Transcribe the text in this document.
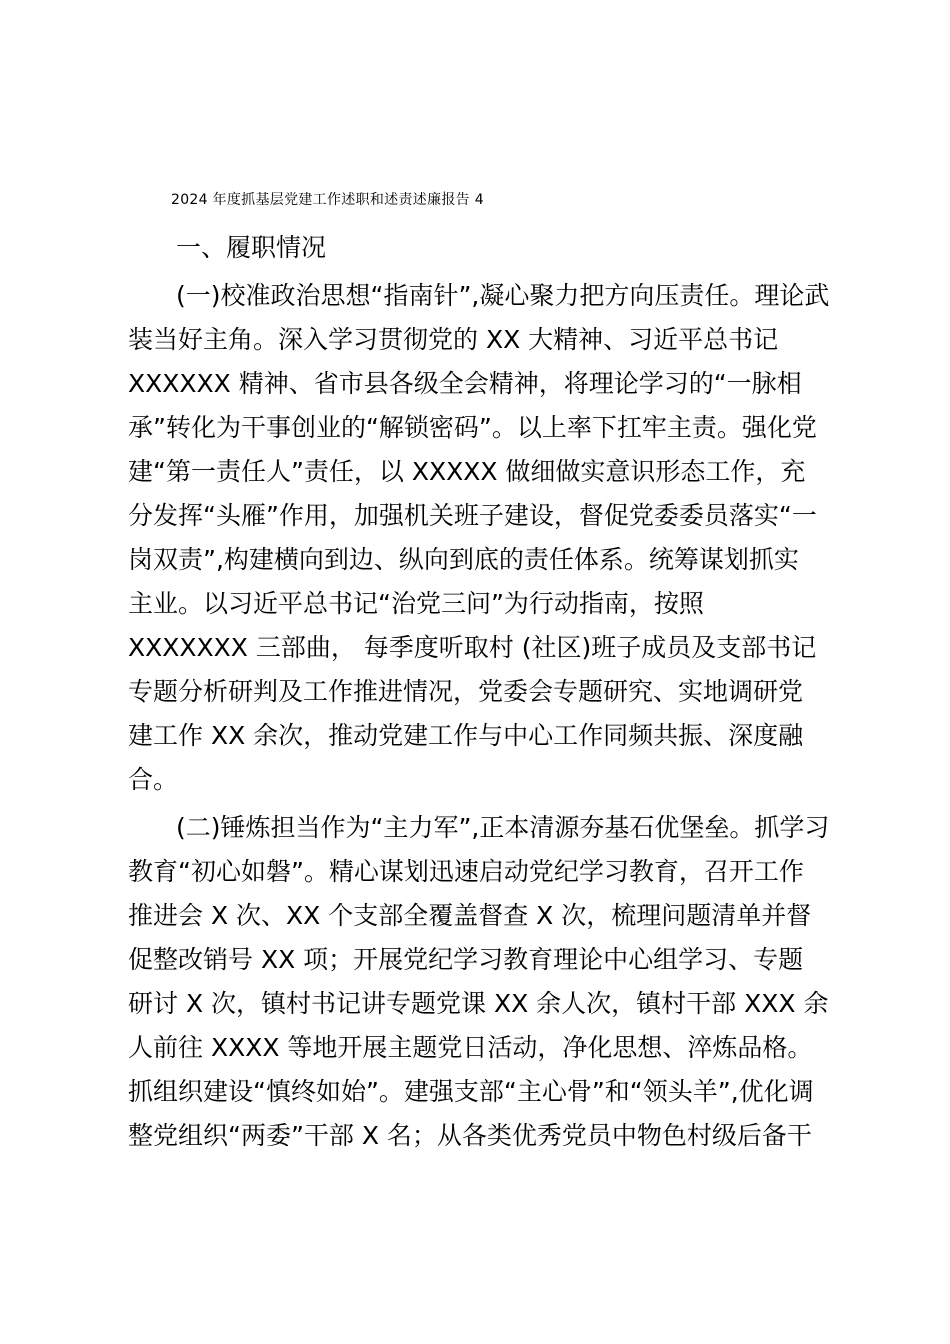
2024 年度抓基层党建工作述职和述责述廉报告 4
一、履职情况
(一)校准政治思想“指南针”,凝心聚力把方向压责任。理论武
装当好主角。深入学习贯彻党的 XX 大精神、习近平总书记
XXXXXX 精神、省市县各级全会精神，将理论学习的“一脉相
承”转化为干事创业的“解锁密码”。以上率下扛牢主责。强化党
建“第一责任人”责任，以 XXXXX 做细做实意识形态工作，充
分发挥“头雁”作用，加强机关班子建设，督促党委委员落实“一
岗双责”,构建横向到边、纵向到底的责任体系。统筹谋划抓实
主业。以习近平总书记“治党三问”为行动指南，按照
XXXXXXX 三部曲， 每季度听取村 (社区)班子成员及支部书记
专题分析研判及工作推进情况，党委会专题研究、实地调研党
建工作 XX 余次，推动党建工作与中心工作同频共振、深度融
合。
(二)锤炼担当作为“主力军”,正本清源夯基石优堡垒。抓学习
教育“初心如磐”。精心谋划迅速启动党纪学习教育，召开工作
推进会 X 次、XX 个支部全覆盖督查 X 次，梳理问题清单并督
促整改销号 XX 项；开展党纪学习教育理论中心组学习、专题
研讨 X 次，镇村书记讲专题党课 XX 余人次，镇村干部 XXX 余
人前往 XXXX 等地开展主题党日活动，净化思想、淬炼品格。
抓组织建设“慎终如始”。建强支部“主心骨”和“领头羊”,优化调
整党组织“两委”干部 X 名；从各类优秀党员中物色村级后备干
